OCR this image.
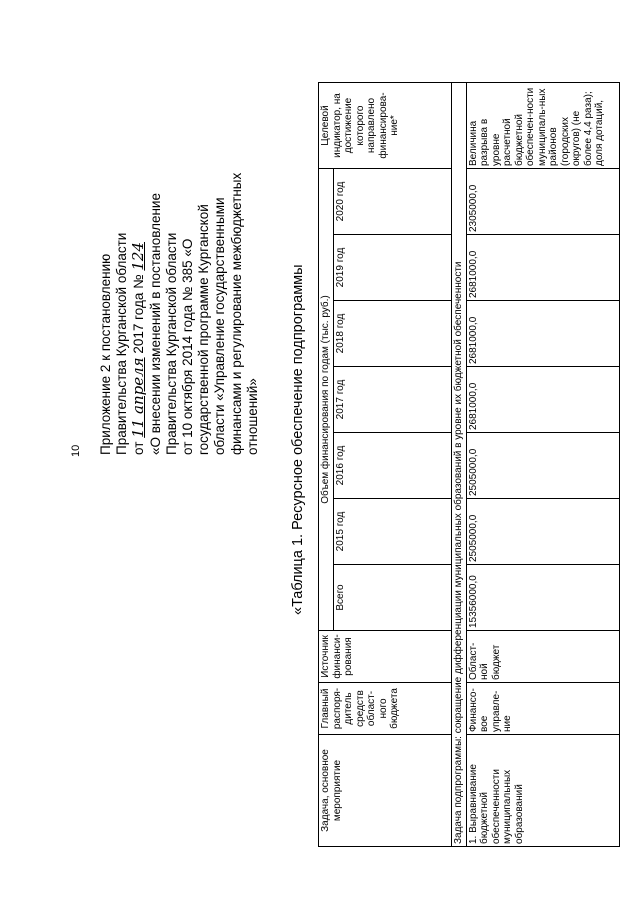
10 Приложение 2 к постановлению Правительства Курганской области от 11 апреля 2017 года № 124 «О внесении изменений в постановление Правительства Курганской области от 10 октября 2014 года № 385 «О государственной программе Курганской области «Управление государственными финансами и регулирование межбюджетных отношений» «Таблица 1. Ресурсное обеспечение подпрограммы
Задача, основное мероприятие	Главный распоря-дитель средств област-ного бюджета	Источник финанси-рования	Объем финансирования по годам (тыс. руб.)							Целевой индикатор, на достижение которого направлено финансирова-ние*
			Всего	2015 год	2016 год	2017 год	2018 год	2019 год	2020 год	
Задача подпрограммы: сокращение дифференциации муниципальных образований в уровне их бюджетной обеспеченности										
1. Выравнивание бюджетной обеспеченности муниципальных образований	Финансо-вое управле-ние	Област-ной бюджет	15356000,0	2505000,0	2505000,0	2681000,0	2681000,0	2681000,0	2305000,0	Величина разрыва в уровне расчетной бюджетной обеспечен-ности муниципаль-ных районов (городских округов) (не более 4,4 раза); доля дотаций,
